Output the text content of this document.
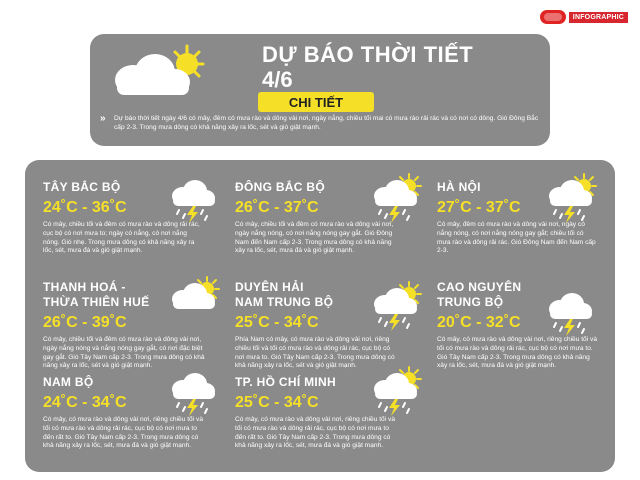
INFOGRAPHIC
DỰ BÁO THỜI TIẾT
4/6
CHI TIẾT
» Dự báo thời tiết ngày 4/6 có mây, đêm có mưa rào và dông vài nơi, ngày nắng, chiều tối mai có mưa rào rải rác và có nơi có dông. Gió Đông Bắc cấp 2-3. Trong mưa dông có khả năng xảy ra lốc, sét và gió giật mạnh.
TÂY BẮC BỘ
24˚C - 36˚C
Có mây, chiều tối và đêm có mưa rào và dông rải rác, cục bộ có nơi mưa to; ngày có nắng, có nơi nắng nóng. Gió nhẹ. Trong mưa dông có khả năng xảy ra lốc, sét, mưa đá và gió giật mạnh.
ĐÔNG BẮC BỘ
26˚C - 37˚C
Có mây, chiều tối và đêm có mưa rào và dông vài nơi, ngày nắng nóng, có nơi nắng nóng gay gắt. Gió Đông Nam đến Nam cấp 2-3. Trong mưa dông có khả năng xảy ra lốc, sét, mưa đá và gió giật mạnh.
HÀ NỘI
27˚C - 37˚C
Có mây, đêm có mưa rào và dông vài nơi, ngày có nắng nóng, có nơi nắng nóng gay gắt; chiều tối có mưa rào và dông rải rác. Gió Đông Nam đến Nam cấp 2-3.
THANH HOÁ -
THỪA THIÊN HUẾ
26˚C - 39˚C
Có mây, chiều tối và đêm có mưa rào và dông vài nơi, ngày nắng nóng và nắng nóng gay gắt, có nơi đặc biệt gay gắt. Gió Tây Nam cấp 2-3. Trong mưa dông có khả năng xảy ra lốc, sét và gió giật mạnh.
DUYÊN HẢI
NAM TRUNG BỘ
25˚C - 34˚C
Phía Nam có mây, có mưa rào và dông vài nơi, riêng chiều tối và tối có mưa rào và dông rải rác, cục bộ có nơi mưa to. Gió Tây Nam cấp 2-3. Trong mưa dông có khả năng xảy ra lốc, sét và gió giật mạnh.
CAO NGUYÊN
TRUNG BỘ
20˚C - 32˚C
Có mây, có mưa rào và dông vài nơi, riêng chiều tối và tối có mưa rào và dông rải rác, cục bộ có nơi mưa to. Gió Tây Nam cấp 2-3. Trong mưa dông có khả năng xảy ra lốc, sét, mưa đá và gió giật mạnh.
NAM BỘ
24˚C - 34˚C
Có mây, có mưa rào và dông vài nơi, riêng chiều tối và tối có mưa rào và dông rải rác, cục bộ có nơi mưa to đến rất to. Gió Tây Nam cấp 2-3. Trong mưa dông có khả năng xảy ra lốc, sét, mưa đá và gió giật mạnh.
TP. HỒ CHÍ MINH
25˚C - 34˚C
Có mây, có mưa rào và dông vài nơi, riêng chiều tối và tối có mưa rào và dông rải rác, cục bộ có nơi mưa to đến rất to. Gió Tây Nam cấp 2-3. Trong mưa dông có khả năng xảy ra lốc, sét, mưa đá và gió giật mạnh.
